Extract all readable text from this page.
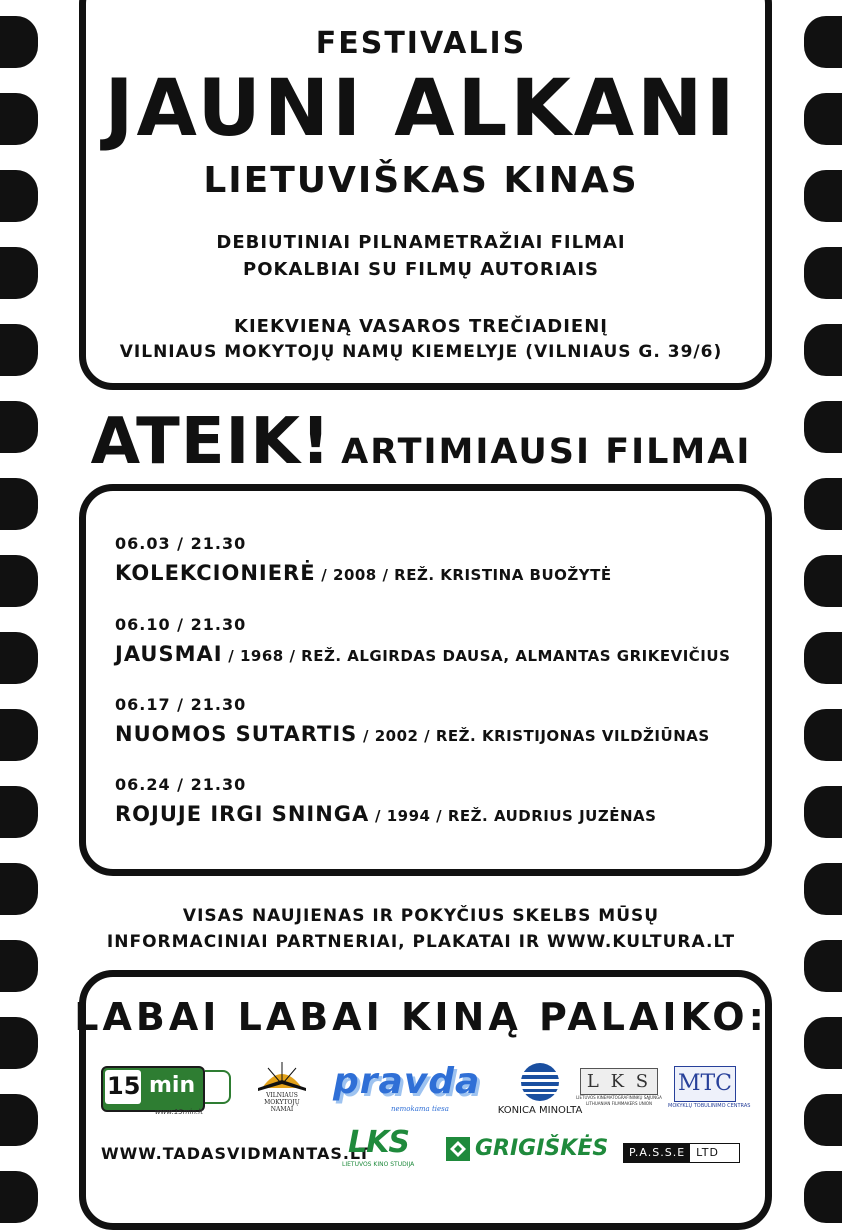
FESTIVALIS
JAUNI ALKANI
LIETUVIŠKAS KINAS
DEBIUTINIAI PILNAMETRAŽIAI FILMAI
POKALBIAI SU FILMŲ AUTORIAIS
KIEKVIENĄ VASAROS TREČIADIENĮ
VILNIAUS MOKYTOJŲ NAMŲ KIEMELYJE (VILNIAUS G. 39/6)
ATEIK! ARTIMIAUSI FILMAI
06.03 / 21.30
KOLEKCIONIERĖ / 2008 / REŽ. KRISTINA BUOŽYTĖ
06.10 / 21.30
JAUSMAI / 1968 / REŽ. ALGIRDAS DAUSA, ALMANTAS GRIKEVIČIUS
06.17 / 21.30
NUOMOS SUTARTIS / 2002 / REŽ. KRISTIJONAS VILDŽIŪNAS
06.24 / 21.30
ROJUJE IRGI SNINGA / 1994 / REŽ. AUDRIUS JUZĖNAS
VISAS NAUJIENAS IR POKYČIUS SKELBS MŪSŲ
INFORMACINIAI PARTNERIAI, PLAKATAI IR WWW.KULTURA.LT
LABAI LABAI KINĄ PALAIKO:
15 min
www.15min.lt
VILNIAUS
MOKYTOJŲ
NAMAI
pravda
nemokama tiesa	KONICA MINOLTA
L K S
LIETUVOS KINEMATOGRAFININKŲ SĄJUNGA
LITHUANIAN FILMMAKERS UNION
MTC
MOKYKLŲ TOBULINIMO CENTRAS
WWW.TADASVIDMANTAS.LT
LKS
LIETUVOS KINO STUDIJA
GRIGIŠKĖS	P.A.S.S.E	LTD
